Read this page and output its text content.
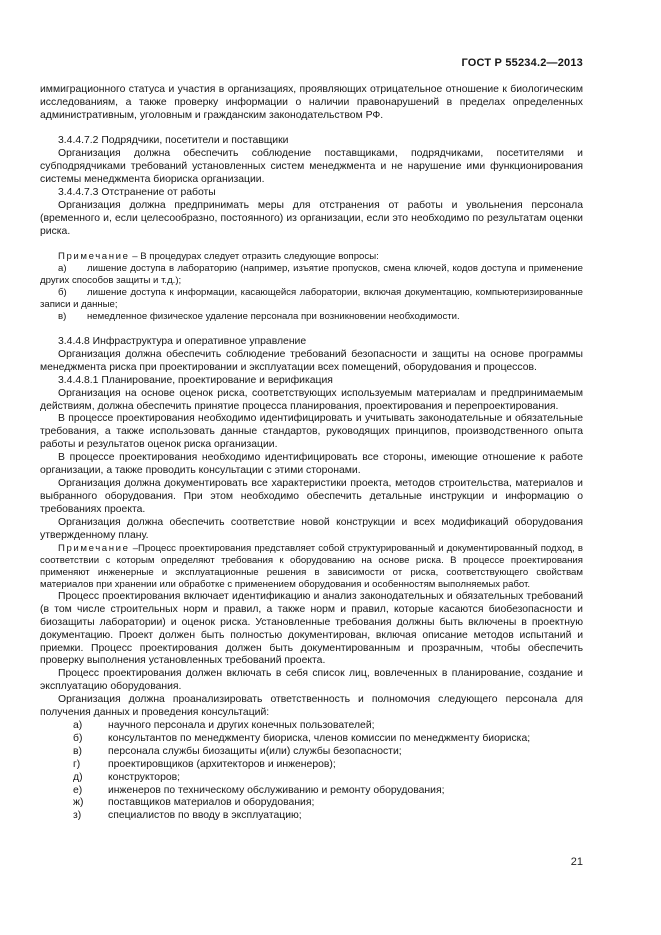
ГОСТ Р 55234.2—2013
иммиграционного статуса и участия в организациях, проявляющих отрицательное отношение к биологическим исследованиям, а также проверку информации о наличии правонарушений в пределах определенных административным, уголовным и гражданским законодательством РФ.
3.4.4.7.2 Подрядчики, посетители и поставщики
Организация должна обеспечить соблюдение поставщиками, подрядчиками, посетителями и субподрядчиками требований установленных систем менеджмента и не нарушение ими функционирования системы менеджмента биориска организации.
3.4.4.7.3 Отстранение от работы
Организация должна предпринимать меры для отстранения от работы и увольнения персонала (временного и, если целесообразно, постоянного) из организации, если это необходимо по результатам оценки риска.
Примечание – В процедурах следует отразить следующие вопросы:
а) лишение доступа в лабораторию (например, изъятие пропусков, смена ключей, кодов доступа и применение других способов защиты и т.д.);
б) лишение доступа к информации, касающейся лаборатории, включая документацию, компьютеризированные записи и данные;
в) немедленное физическое удаление персонала при возникновении необходимости.
3.4.4.8 Инфраструктура и оперативное управление
Организация должна обеспечить соблюдение требований безопасности и защиты на основе программы менеджмента риска при проектировании и эксплуатации всех помещений, оборудования и процессов.
3.4.4.8.1 Планирование, проектирование и верификация
Организация на основе оценок риска, соответствующих используемым материалам и предпринимаемым действиям, должна обеспечить принятие процесса планирования, проектирования и перепроектирования.
В процессе проектирования необходимо идентифицировать и учитывать законодательные и обязательные требования, а также использовать данные стандартов, руководящих принципов, производственного опыта работы и результатов оценок риска организации.
В процессе проектирования необходимо идентифицировать все стороны, имеющие отношение к работе организации, а также проводить консультации с этими сторонами.
Организация должна документировать все характеристики проекта, методов строительства, материалов и выбранного оборудования. При этом необходимо обеспечить детальные инструкции и информацию о требованиях проекта.
Организация должна обеспечить соответствие новой конструкции и всех модификаций оборудования утвержденному плану.
Примечание –Процесс проектирования представляет собой структурированный и документированный подход, в соответствии с которым определяют требования к оборудованию на основе риска. В процессе проектирования применяют инженерные и эксплуатационные решения в зависимости от риска, соответствующего свойствам материалов при хранении или обработке с применением оборудования и особенностям выполняемых работ.
Процесс проектирования включает идентификацию и анализ законодательных и обязательных требований (в том числе строительных норм и правил, а также норм и правил, которые касаются биобезопасности и биозащиты лаборатории) и оценок риска. Установленные требования должны быть включены в проектную документацию. Проект должен быть полностью документирован, включая описание методов испытаний и приемки. Процесс проектирования должен быть документированным и прозрачным, чтобы обеспечить проверку выполнения установленных требований проекта.
Процесс проектирования должен включать в себя список лиц, вовлеченных в планирование, создание и эксплуатацию оборудования.
Организация должна проанализировать ответственность и полномочия следующего персонала для получения данных и проведения консультаций:
а) научного персонала и других конечных пользователей;
б) консультантов по менеджменту биориска, членов комиссии по менеджменту биориска;
в)	персонала службы биозащиты и(или) службы безопасности;
г)	проектировщиков (архитекторов и инженеров);
д) конструкторов;
е) инженеров по техническому обслуживанию и ремонту оборудования;
ж) поставщиков материалов и оборудования;
з)	специалистов по вводу в эксплуатацию;
21
